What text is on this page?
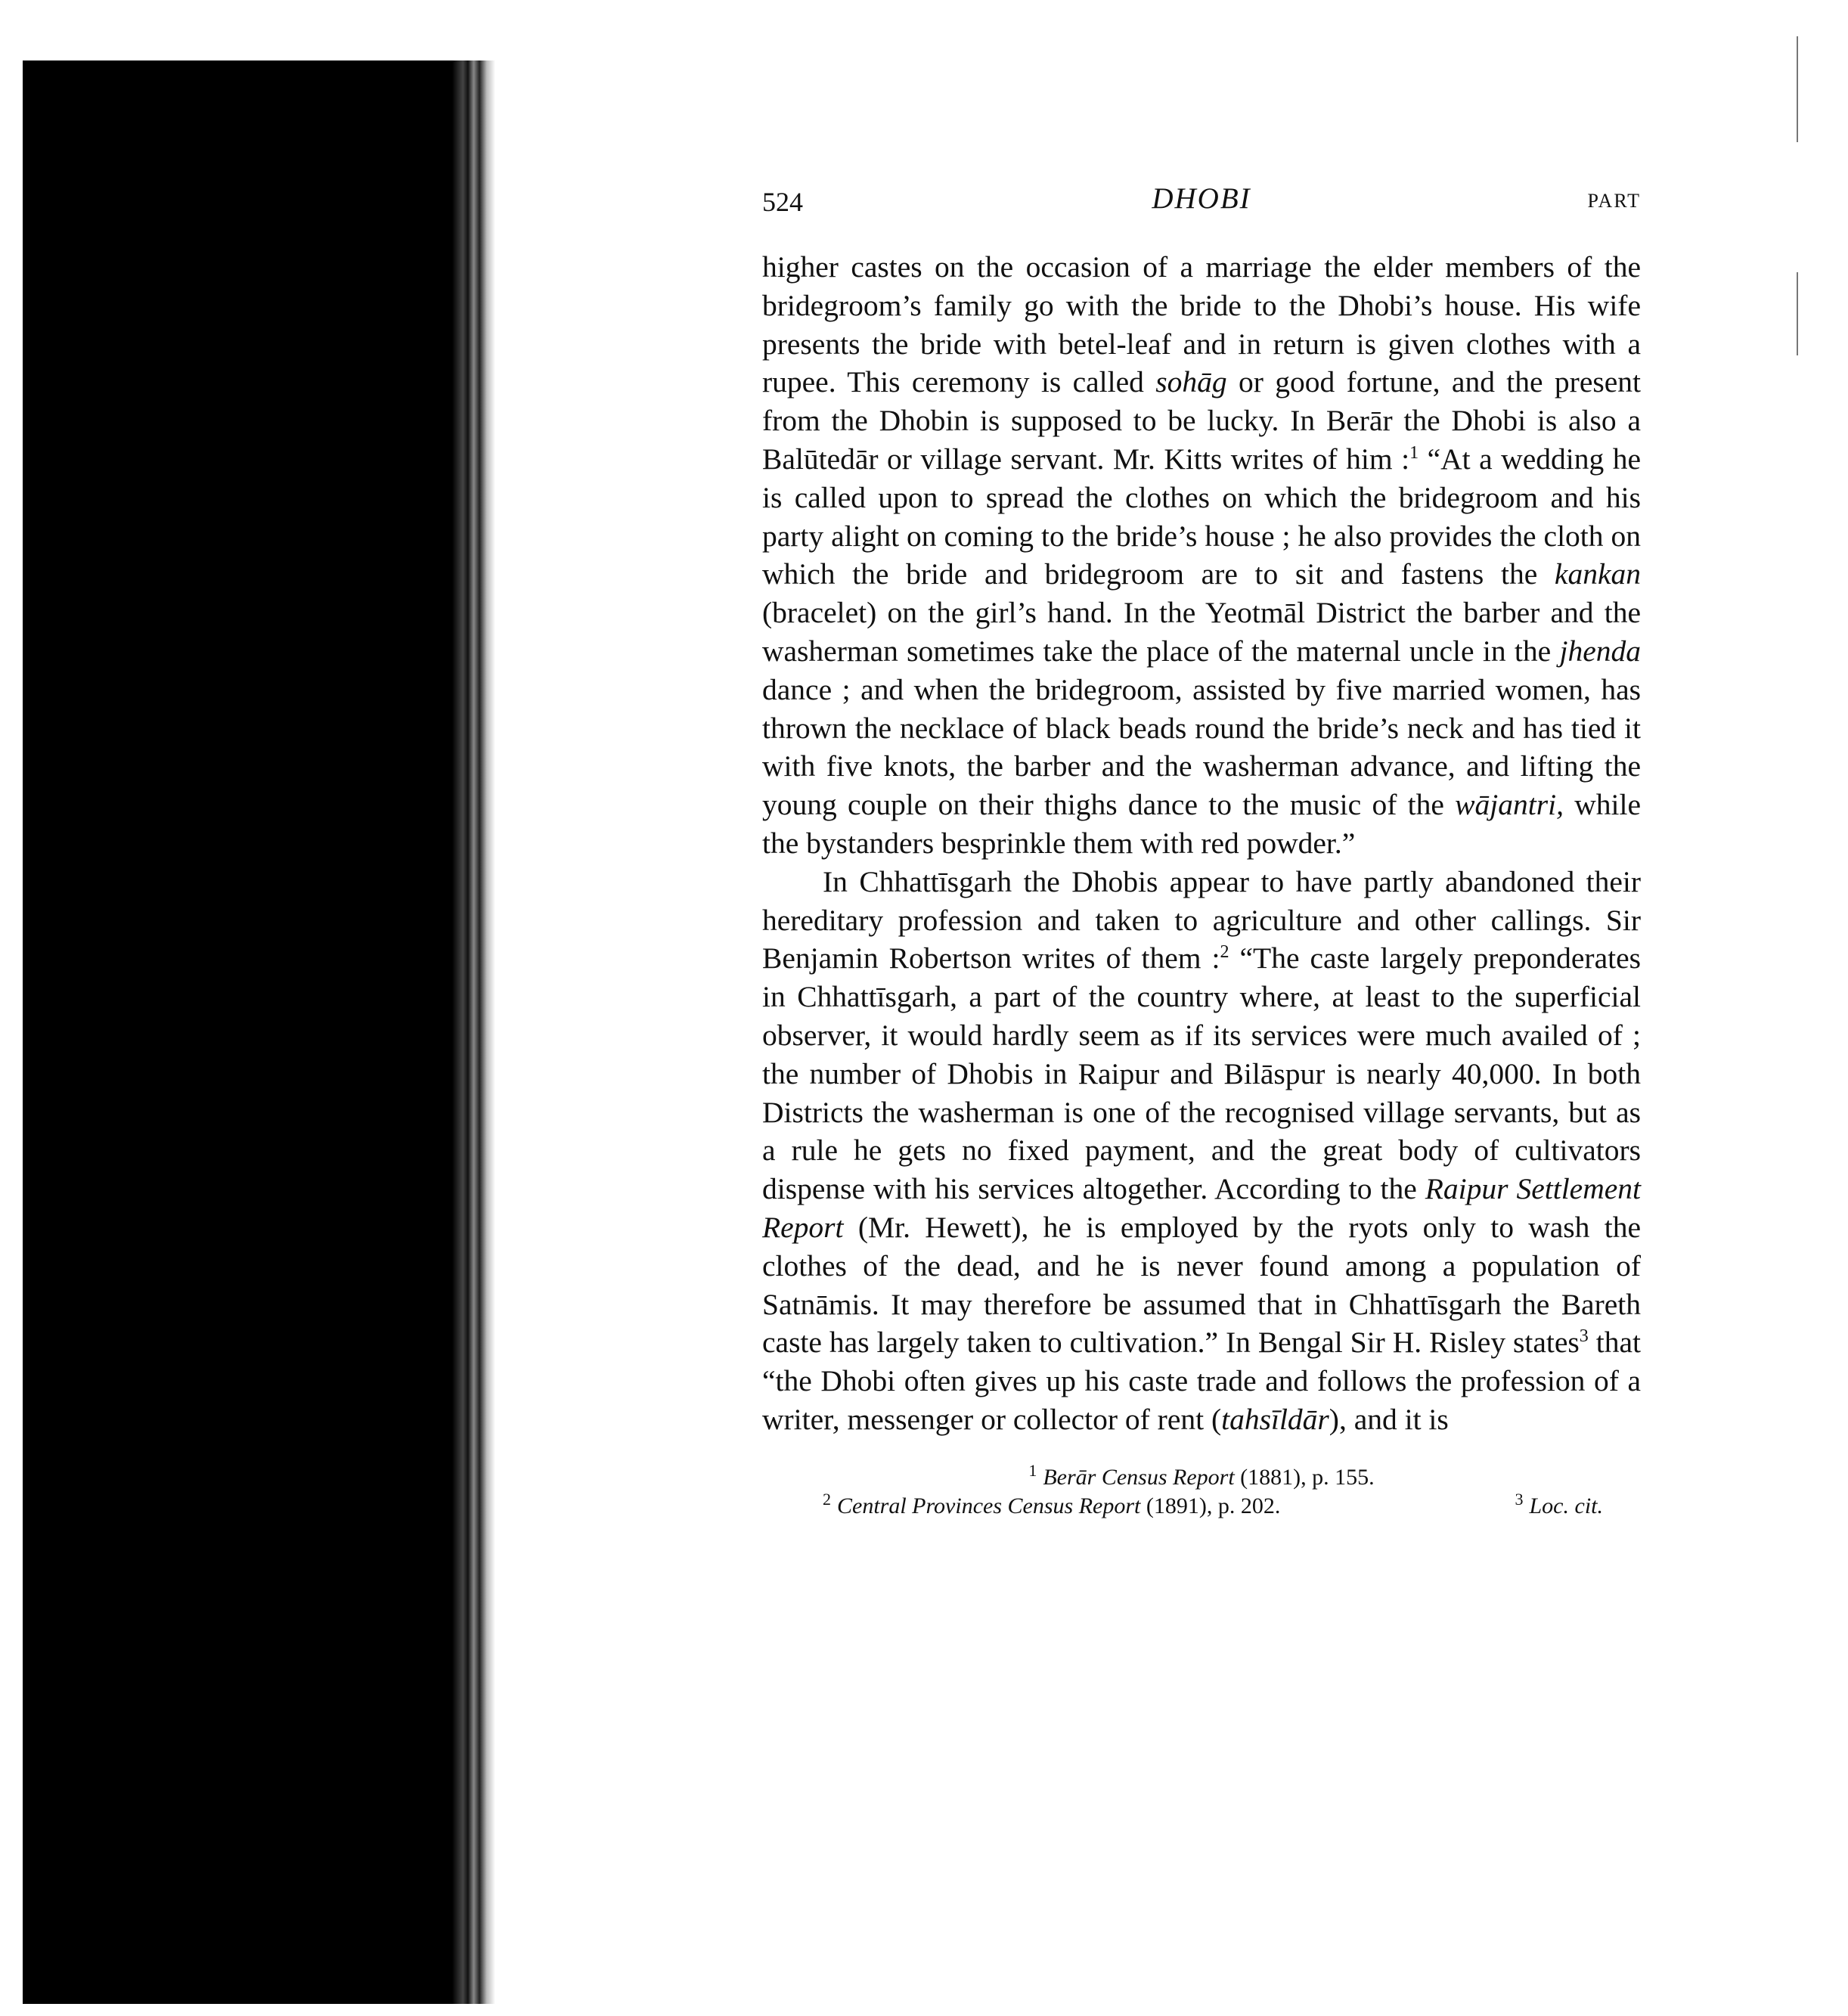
524	DHOBI	PART

higher castes on the occasion of a marriage the elder members of the bridegroom’s family go with the bride to the Dhobi’s house. His wife presents the bride with betel-leaf and in return is given clothes with a rupee. This ceremony is called sohāg or good fortune, and the present from the Dhobin is supposed to be lucky. In Berār the Dhobi is also a Balūtedār or village servant. Mr. Kitts writes of him :$^1$ “At a wedding he is called upon to spread the clothes on which the bridegroom and his party alight on coming to the bride’s house ; he also provides the cloth on which the bride and bridegroom are to sit and fastens the kankan (bracelet) on the girl’s hand. In the Yeotmāl District the barber and the washerman sometimes take the place of the maternal uncle in the jhenda dance ; and when the bridegroom, assisted by five married women, has thrown the necklace of black beads round the bride’s neck and has tied it with five knots, the barber and the washerman advance, and lifting the young couple on their thighs dance to the music of the wājantri, while the bystanders besprinkle them with red powder.”

In Chhattīsgarh the Dhobis appear to have partly abandoned their hereditary profession and taken to agriculture and other callings. Sir Benjamin Robertson writes of them :$^2$ “The caste largely preponderates in Chhattīsgarh, a part of the country where, at least to the superficial observer, it would hardly seem as if its services were much availed of ; the number of Dhobis in Raipur and Bilāspur is nearly 40,000. In both Districts the washerman is one of the recognised village servants, but as a rule he gets no fixed payment, and the great body of cultivators dispense with his services altogether. According to the Raipur Settlement Report (Mr. Hewett), he is employed by the ryots only to wash the clothes of the dead, and he is never found among a population of Satnāmis. It may therefore be assumed that in Chhattīsgarh the Bareth caste has largely taken to cultivation.” In Bengal Sir H. Risley states$^3$ that “the Dhobi often gives up his caste trade and follows the profession of a writer, messenger or collector of rent (tahsīldār), and it is

$^1$ Berār Census Report (1881), p. 155.
$^2$ Central Provinces Census Report (1891), p. 202.	$^3$ Loc. cit.
